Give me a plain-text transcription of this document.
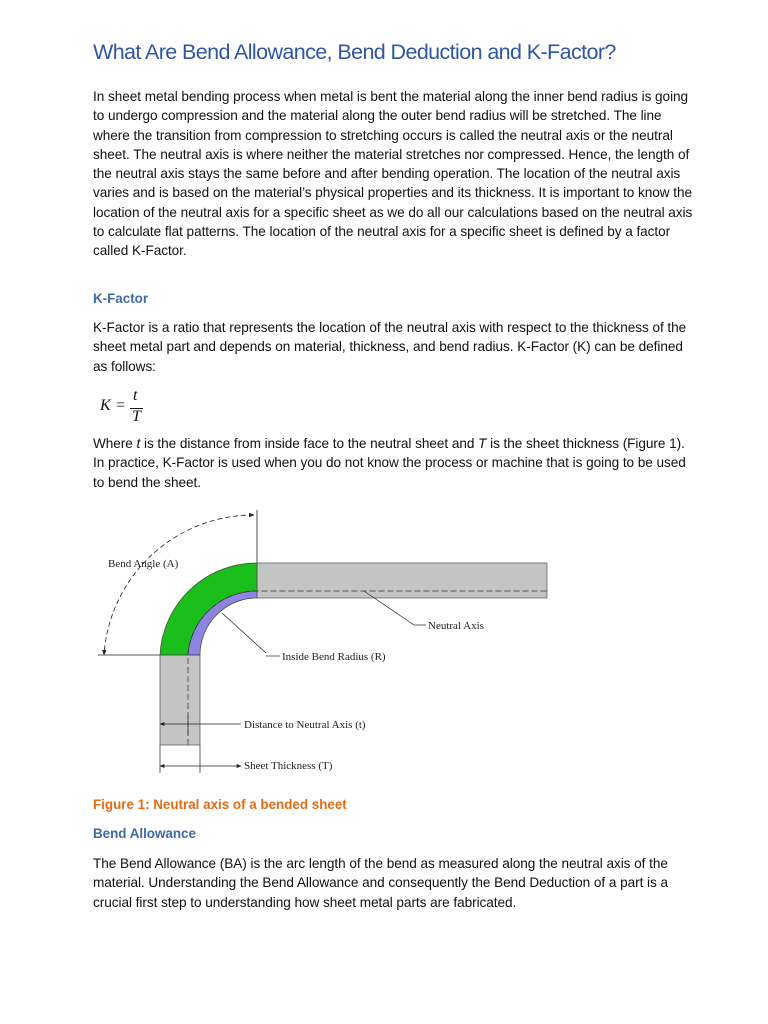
What Are Bend Allowance, Bend Deduction and K-Factor?

In sheet metal bending process when metal is bent the material along the inner bend radius is going to undergo compression and the material along the outer bend radius will be stretched. The line where the transition from compression to stretching occurs is called the neutral axis or the neutral sheet. The neutral axis is where neither the material stretches nor compressed. Hence, the length of the neutral axis stays the same before and after bending operation. The location of the neutral axis varies and is based on the material’s physical properties and its thickness. It is important to know the location of the neutral axis for a specific sheet as we do all our calculations based on the neutral axis to calculate flat patterns. The location of the neutral axis for a specific sheet is defined by a factor called K-Factor.

K-Factor

K-Factor is a ratio that represents the location of the neutral axis with respect to the thickness of the sheet metal part and depends on material, thickness, and bend radius. K-Factor (K) can be defined as follows:

K =
t
T

Where t is the distance from inside face to the neutral sheet and T is the sheet thickness (Figure 1). In practice, K-Factor is used when you do not know the process or machine that is going to be used to bend the sheet.

Bend Angle (A)
Neutral Axis
Inside Bend Radius (R)
Distance to Neutral Axis (t)
Sheet Thickness (T)

Figure 1: Neutral axis of a bended sheet

Bend Allowance

The Bend Allowance (BA) is the arc length of the bend as measured along the neutral axis of the material. Understanding the Bend Allowance and consequently the Bend Deduction of a part is a crucial first step to understanding how sheet metal parts are fabricated.
